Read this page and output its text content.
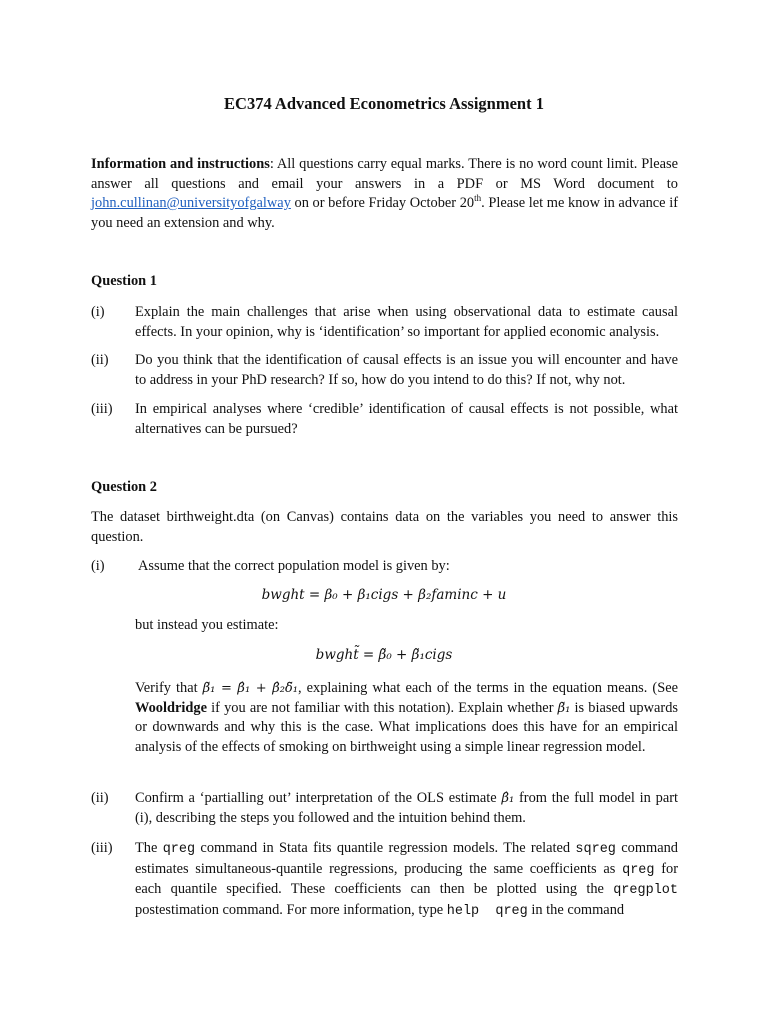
EC374 Advanced Econometrics Assignment 1
Information and instructions: All questions carry equal marks. There is no word count limit. Please answer all questions and email your answers in a PDF or MS Word document to john.cullinan@universityofgalway on or before Friday October 20th. Please let me know in advance if you need an extension and why.
Question 1
(i)	Explain the main challenges that arise when using observational data to estimate causal effects. In your opinion, why is ‘identification’ so important for applied economic analysis.
(ii)	Do you think that the identification of causal effects is an issue you will encounter and have to address in your PhD research? If so, how do you intend to do this? If not, why not.
(iii)	In empirical analyses where ‘credible’ identification of causal effects is not possible, what alternatives can be pursued?
Question 2
The dataset birthweight.dta (on Canvas) contains data on the variables you need to answer this question.
(i)	Assume that the correct population model is given by:
bwght = β₀ + β₁cigs + β₂faminc + u
but instead you estimate:
bwght̃ = β̃₀ + β̃₁cigs
Verify that β̃₁ = β̂₁ + β̂₂δ̃₁, explaining what each of the terms in the equation means. (See Wooldridge if you are not familiar with this notation). Explain whether β̃₁ is biased upwards or downwards and why this is the case. What implications does this have for an empirical analysis of the effects of smoking on birthweight using a simple linear regression model.
(ii)	Confirm a ‘partialling out’ interpretation of the OLS estimate β̂₁ from the full model in part (i), describing the steps you followed and the intuition behind them.
(iii)	The qreg command in Stata fits quantile regression models. The related sqreg command estimates simultaneous-quantile regressions, producing the same coefficients as qreg for each quantile specified. These coefficients can then be plotted using the qregplot postestimation command. For more information, type help  qreg in the command
